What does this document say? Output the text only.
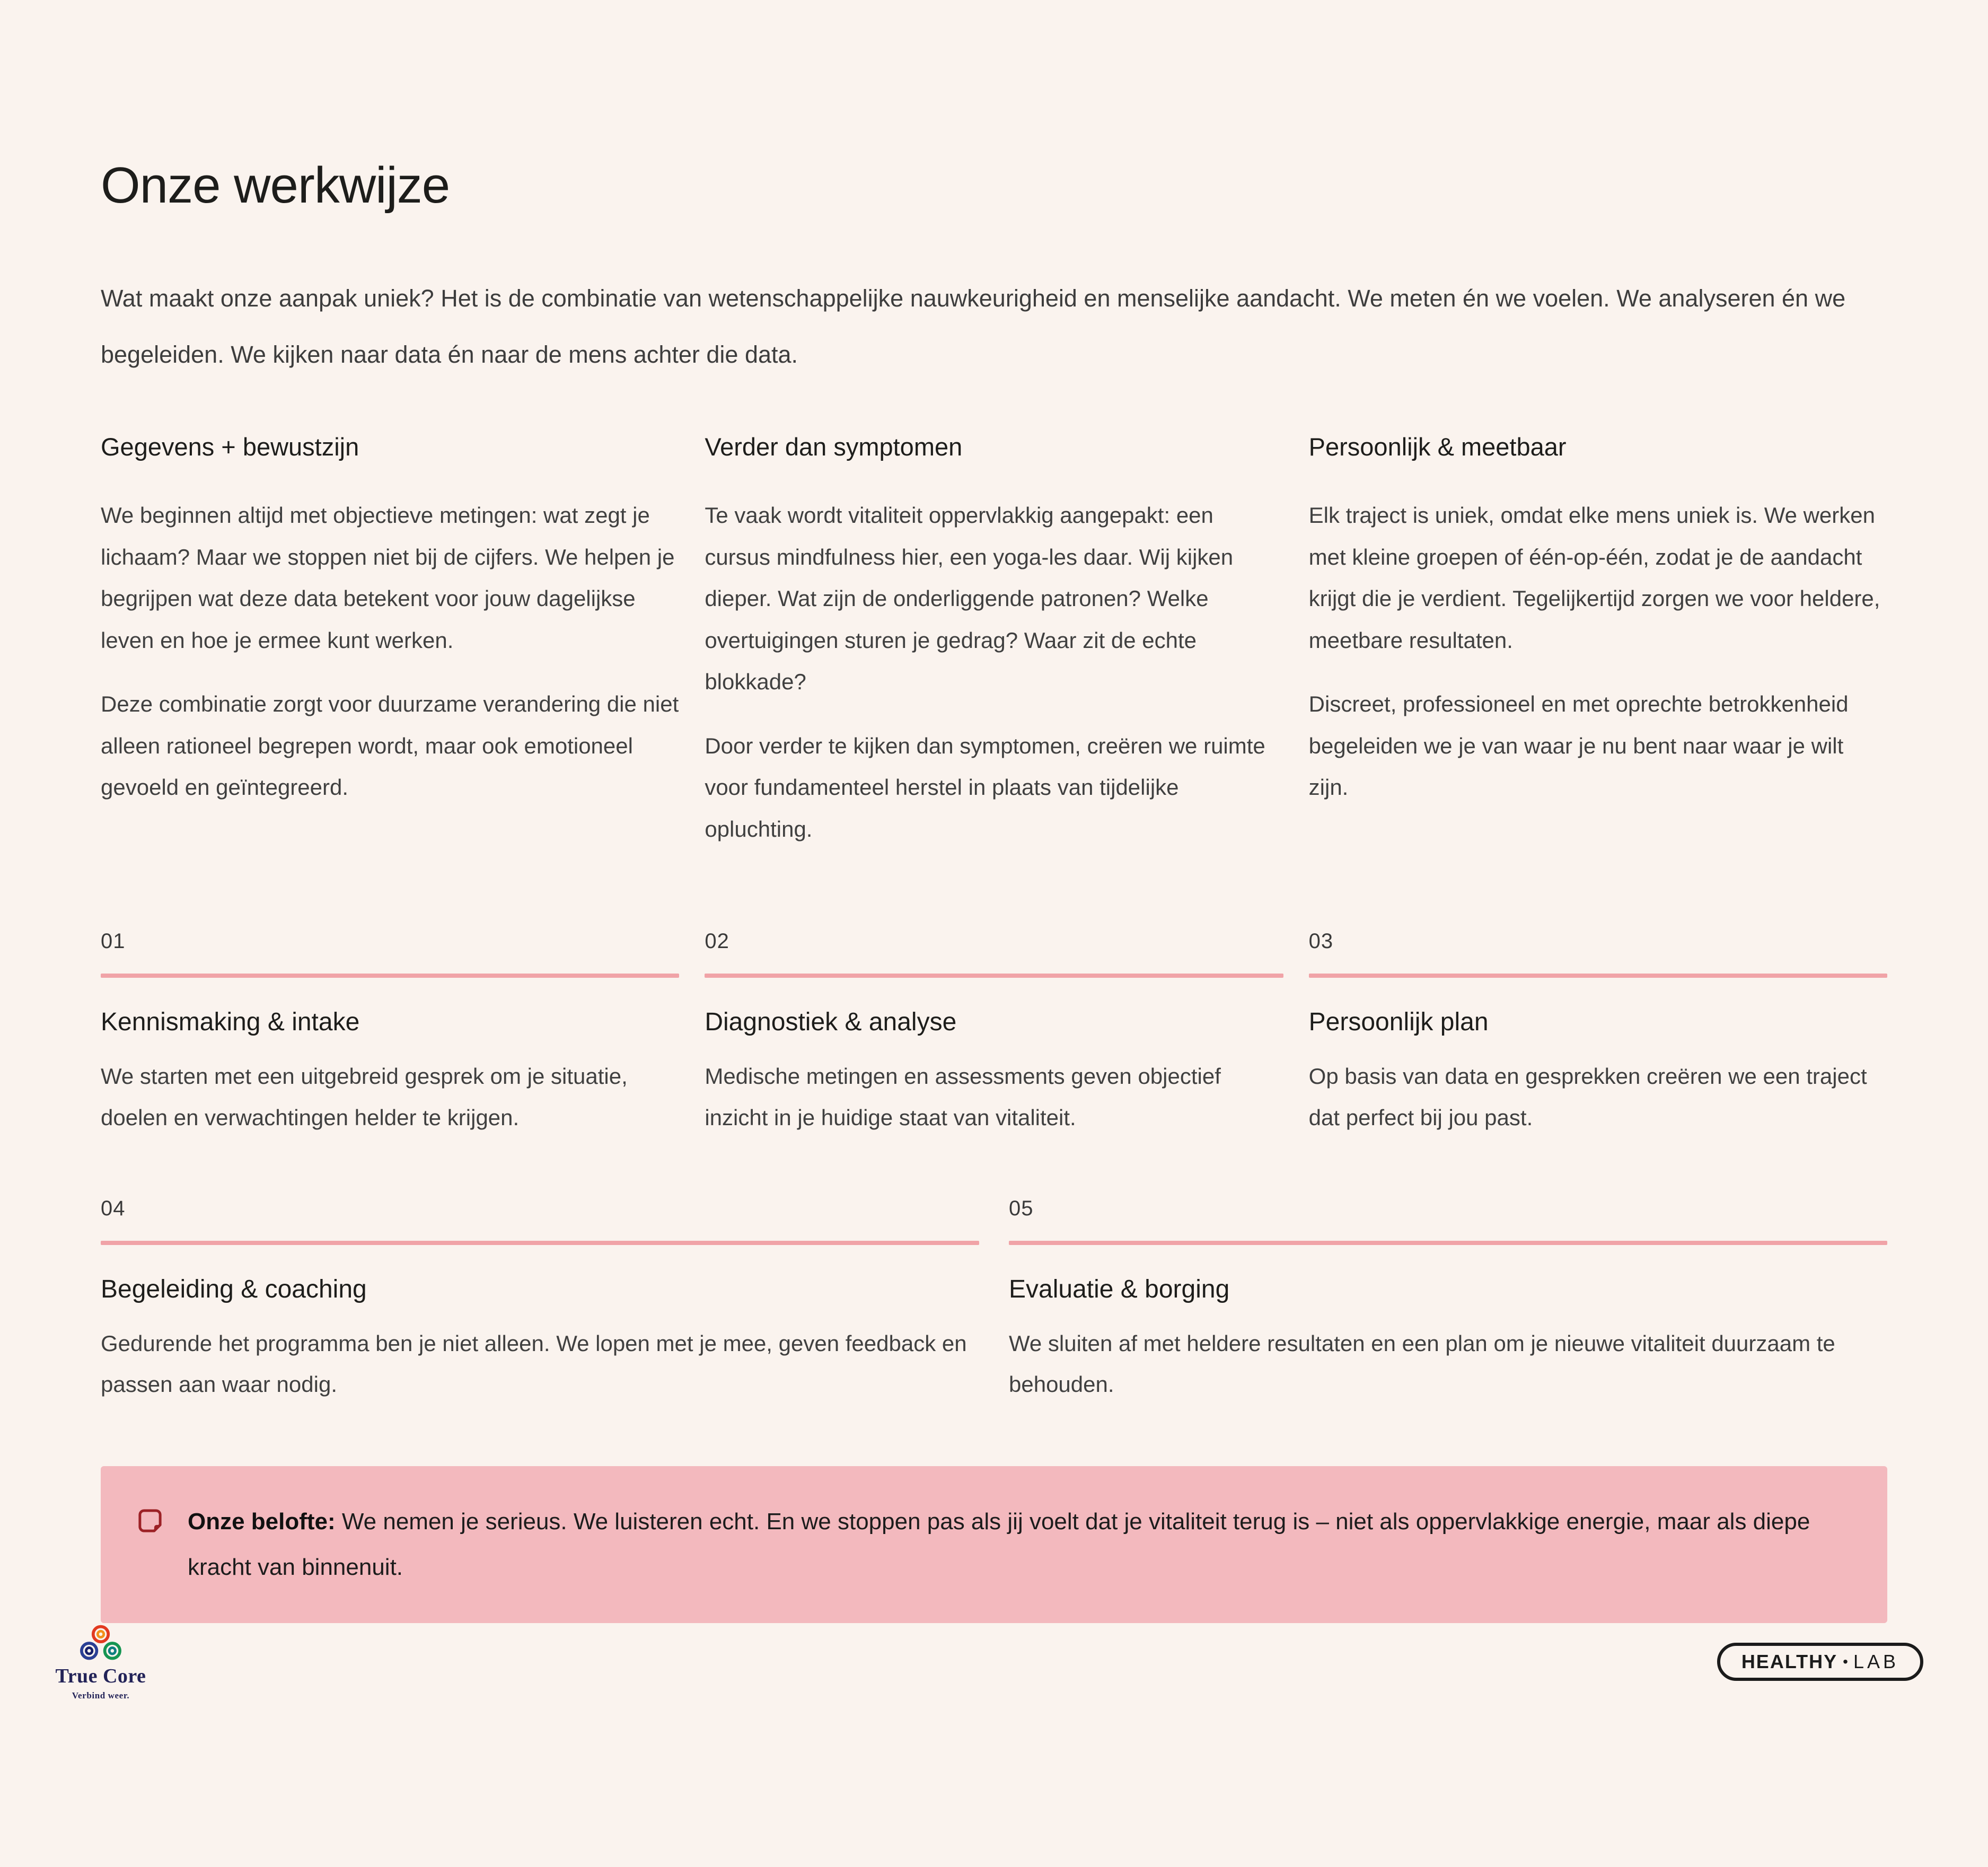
Onze werkwijze

Wat maakt onze aanpak uniek? Het is de combinatie van wetenschappelijke nauwkeurigheid en menselijke aandacht. We meten én we voelen. We analyseren én we begeleiden. We kijken naar data én naar de mens achter die data.

Gegevens + bewustzijn

We beginnen altijd met objectieve metingen: wat zegt je lichaam? Maar we stoppen niet bij de cijfers. We helpen je begrijpen wat deze data betekent voor jouw dagelijkse leven en hoe je ermee kunt werken.

Deze combinatie zorgt voor duurzame verandering die niet alleen rationeel begrepen wordt, maar ook emotioneel gevoeld en geïntegreerd.

Verder dan symptomen

Te vaak wordt vitaliteit oppervlakkig aangepakt: een cursus mindfulness hier, een yoga-les daar. Wij kijken dieper. Wat zijn de onderliggende patronen? Welke overtuigingen sturen je gedrag? Waar zit de echte blokkade?

Door verder te kijken dan symptomen, creëren we ruimte voor fundamenteel herstel in plaats van tijdelijke opluchting.

Persoonlijk & meetbaar

Elk traject is uniek, omdat elke mens uniek is. We werken met kleine groepen of één-op-één, zodat je de aandacht krijgt die je verdient. Tegelijkertijd zorgen we voor heldere, meetbare resultaten.

Discreet, professioneel en met oprechte betrokkenheid begeleiden we je van waar je nu bent naar waar je wilt zijn.

01
Kennismaking & intake

We starten met een uitgebreid gesprek om je situatie, doelen en verwachtingen helder te krijgen.

02
Diagnostiek & analyse

Medische metingen en assessments geven objectief inzicht in je huidige staat van vitaliteit.

03
Persoonlijk plan

Op basis van data en gesprekken creëren we een traject dat perfect bij jou past.

04
Begeleiding & coaching

Gedurende het programma ben je niet alleen. We lopen met je mee, geven feedback en passen aan waar nodig.

05
Evaluatie & borging

We sluiten af met heldere resultaten en een plan om je nieuwe vitaliteit duurzaam te behouden.

Onze belofte: We nemen je serieus. We luisteren echt. En we stoppen pas als jij voelt dat je vitaliteit terug is – niet als oppervlakkige energie, maar als diepe kracht van binnenuit.

True Core
Verbind weer.
HEALTHY • LAB
